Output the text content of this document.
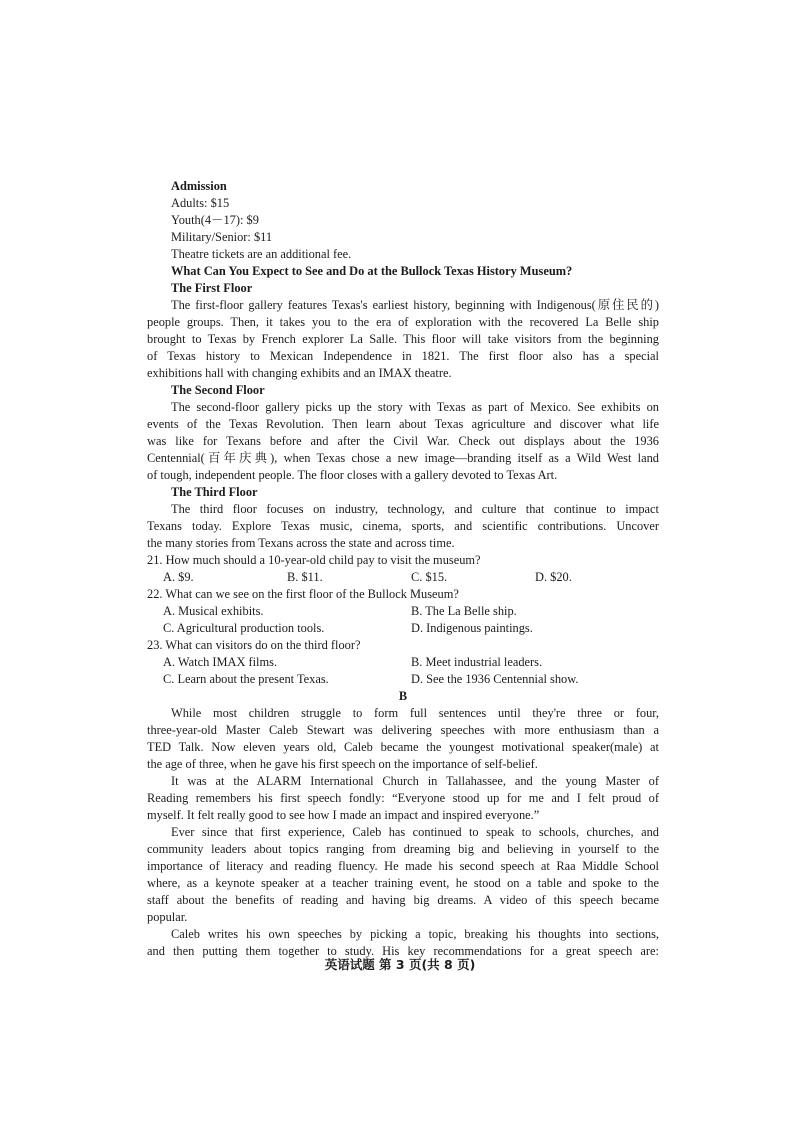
Admission
Adults: $15
Youth(4－17): $9
Military/Senior: $11
Theatre tickets are an additional fee.
What Can You Expect to See and Do at the Bullock Texas History Museum?
The First Floor
The first-floor gallery features Texas's earliest history, beginning with Indigenous(原住民的)
people groups. Then, it takes you to the era of exploration with the recovered La Belle ship
brought to Texas by French explorer La Salle. This floor will take visitors from the beginning
of Texas history to Mexican Independence in 1821. The first floor also has a special
exhibitions hall with changing exhibits and an IMAX theatre.
The Second Floor
The second-floor gallery picks up the story with Texas as part of Mexico. See exhibits on
events of the Texas Revolution. Then learn about Texas agriculture and discover what life
was like for Texans before and after the Civil War. Check out displays about the 1936
Centennial(百年庆典), when Texas chose a new image—branding itself as a Wild West land
of tough, independent people. The floor closes with a gallery devoted to Texas Art.
The Third Floor
The third floor focuses on industry, technology, and culture that continue to impact
Texans today. Explore Texas music, cinema, sports, and scientific contributions. Uncover
the many stories from Texans across the state and across time.
21. How much should a 10-year-old child pay to visit the museum?
A. $9.	B. $11.	C. $15.	D. $20.
22. What can we see on the first floor of the Bullock Museum?
A. Musical exhibits.	B. The La Belle ship.
C. Agricultural production tools.	D. Indigenous paintings.
23. What can visitors do on the third floor?
A. Watch IMAX films.	B. Meet industrial leaders.
C. Learn about the present Texas.	D. See the 1936 Centennial show.
B
While most children struggle to form full sentences until they're three or four,
three-year-old Master Caleb Stewart was delivering speeches with more enthusiasm than a
TED Talk. Now eleven years old, Caleb became the youngest motivational speaker(male) at
the age of three, when he gave his first speech on the importance of self-belief.
It was at the ALARM International Church in Tallahassee, and the young Master of
Reading remembers his first speech fondly: “Everyone stood up for me and I felt proud of
myself. It felt really good to see how I made an impact and inspired everyone.”
Ever since that first experience, Caleb has continued to speak to schools, churches, and
community leaders about topics ranging from dreaming big and believing in yourself to the
importance of literacy and reading fluency. He made his second speech at Raa Middle School
where, as a keynote speaker at a teacher training event, he stood on a table and spoke to the
staff about the benefits of reading and having big dreams. A video of this speech became
popular.
Caleb writes his own speeches by picking a topic, breaking his thoughts into sections,
and then putting them together to study. His key recommendations for a great speech are:
英语试题 第 3 页(共 8 页)
